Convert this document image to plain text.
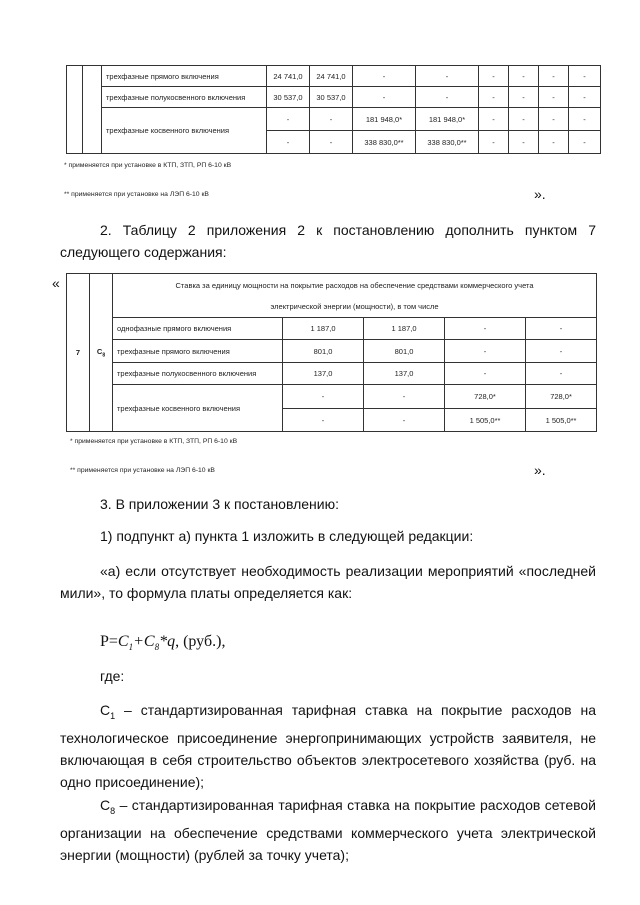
		трехфазные прямого включения	24 741,0	24 741,0	-	-	-	-	-	-
		трехфазные полукосвенного включения	30 537,0	30 537,0	-	-	-	-	-	-
		трехфазные косвенного включения	-	-	181 948,0*	181 948,0*	-	-	-	-
			-	-	338 830,0**	338 830,0**	-	-	-	-
* применяется при установке в КТП, ЗТП, РП 6-10 кВ
** применяется при установке на ЛЭП 6-10 кВ	».
2. Таблицу 2 приложения 2 к постановлению дополнить пунктом 7 следующего содержания:
«
7	$С_8$	Ставка за единицу мощности на покрытие расходов на обеспечение средствами коммерческого учета				
		электрической энергии (мощности), в том числе				
		однофазные прямого включения	1 187,0	1 187,0	-	-
		трехфазные прямого включения	801,0	801,0	-	-
		трехфазные полукосвенного включения	137,0	137,0	-	-
		трехфазные косвенного включения	-	-	728,0*	728,0*
			-	-	1 505,0**	1 505,0**
* применяется при установке в КТП, ЗТП, РП 6-10 кВ
** применяется при установке на ЛЭП 6-10 кВ	».
3. В приложении 3 к постановлению:
1) подпункт а) пункта 1 изложить в следующей редакции:
«а) если отсутствует необходимость реализации мероприятий «последней мили», то формула платы определяется как:
$P=C_1+C_8*q$, (руб.),
где:
$С_1$ – стандартизированная тарифная ставка на покрытие расходов на технологическое присоединение энергопринимающих устройств заявителя, не включающая в себя строительство объектов электросетевого хозяйства (руб. на одно присоединение);
$С_8$ – стандартизированная тарифная ставка на покрытие расходов сетевой организации на обеспечение средствами коммерческого учета электрической энергии (мощности) (рублей за точку учета);
